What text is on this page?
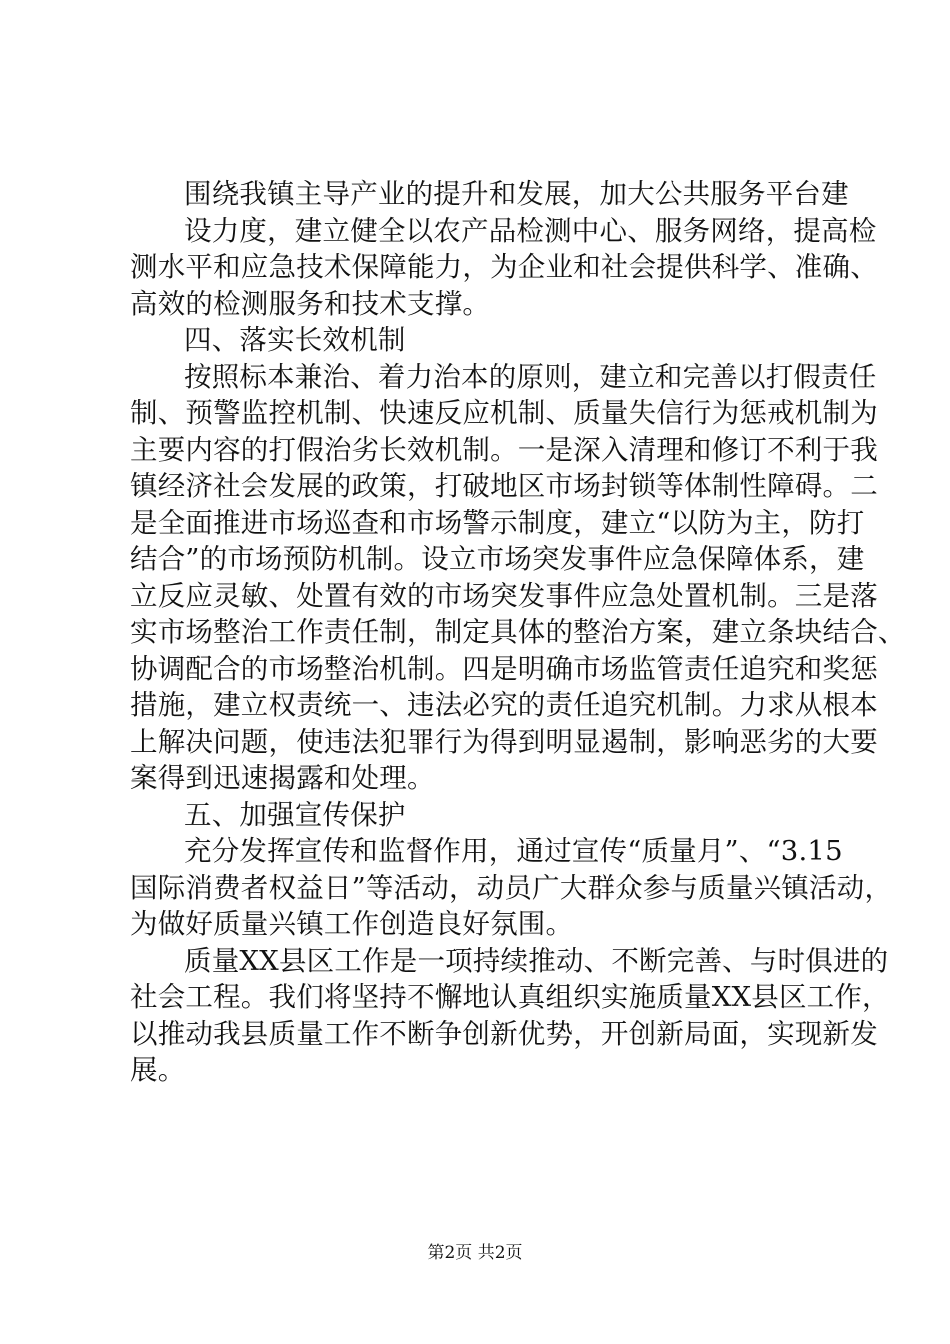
围绕我镇主导产业的提升和发展，加大公共服务平台建
设力度，建立健全以农产品检测中心、服务网络，提高检
测水平和应急技术保障能力，为企业和社会提供科学、准确、
高效的检测服务和技术支撑。
四、落实长效机制
按照标本兼治、着力治本的原则，建立和完善以打假责任
制、预警监控机制、快速反应机制、质量失信行为惩戒机制为
主要内容的打假治劣长效机制。一是深入清理和修订不利于我
镇经济社会发展的政策，打破地区市场封锁等体制性障碍。二
是全面推进市场巡查和市场警示制度，建立“以防为主，防打
结合”的市场预防机制。设立市场突发事件应急保障体系，建
立反应灵敏、处置有效的市场突发事件应急处置机制。三是落
实市场整治工作责任制，制定具体的整治方案，建立条块结合、
协调配合的市场整治机制。四是明确市场监管责任追究和奖惩
措施，建立权责统一、违法必究的责任追究机制。力求从根本
上解决问题，使违法犯罪行为得到明显遏制，影响恶劣的大要
案得到迅速揭露和处理。
五、加强宣传保护
充分发挥宣传和监督作用，通过宣传“质量月”、“3.15
国际消费者权益日”等活动，动员广大群众参与质量兴镇活动，
为做好质量兴镇工作创造良好氛围。
质量XX县区工作是一项持续推动、不断完善、与时俱进的
社会工程。我们将坚持不懈地认真组织实施质量XX县区工作，
以推动我县质量工作不断争创新优势，开创新局面，实现新发
展。
第2页 共2页
